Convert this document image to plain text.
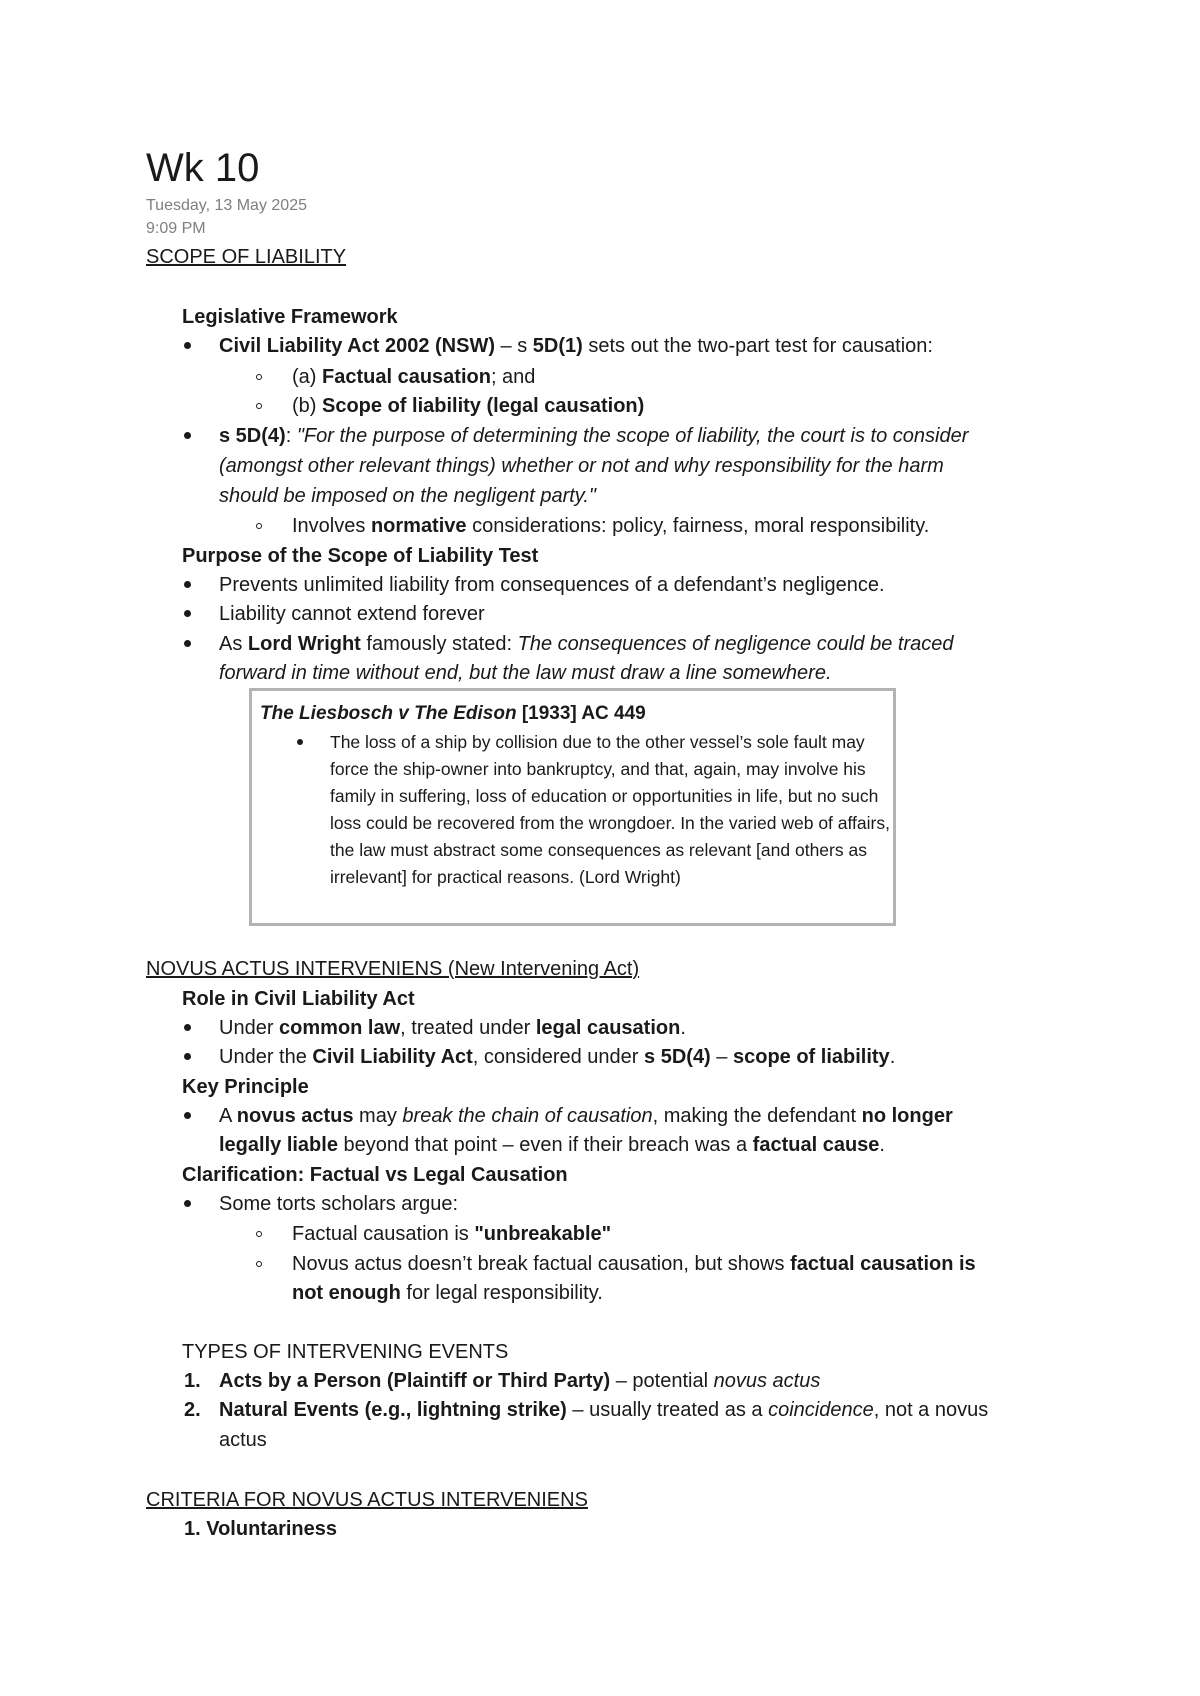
Wk 10
Tuesday, 13 May 2025
9:09 PM
SCOPE OF LIABILITY
Legislative Framework
Civil Liability Act 2002 (NSW) – s 5D(1) sets out the two-part test for causation:
(a) Factual causation; and
(b) Scope of liability (legal causation)
s 5D(4): "For the purpose of determining the scope of liability, the court is to consider
(amongst other relevant things) whether or not and why responsibility for the harm
should be imposed on the negligent party."
Involves normative considerations: policy, fairness, moral responsibility.
Purpose of the Scope of Liability Test
Prevents unlimited liability from consequences of a defendant’s negligence.
Liability cannot extend forever
As Lord Wright famously stated: The consequences of negligence could be traced
forward in time without end, but the law must draw a line somewhere.
The Liesbosch v The Edison [1933] AC 449
The loss of a ship by collision due to the other vessel’s sole fault may force the ship-owner into bankruptcy, and that, again, may involve his family in suffering, loss of education or opportunities in life, but no such loss could be recovered from the wrongdoer. In the varied web of affairs, the law must abstract some consequences as relevant [and others as irrelevant] for practical reasons. (Lord Wright)
NOVUS ACTUS INTERVENIENS (New Intervening Act)
Role in Civil Liability Act
Under common law, treated under legal causation.
Under the Civil Liability Act, considered under s 5D(4) – scope of liability.
Key Principle
A novus actus may break the chain of causation, making the defendant no longer
legally liable beyond that point – even if their breach was a factual cause.
Clarification: Factual vs Legal Causation
Some torts scholars argue:
Factual causation is "unbreakable"
Novus actus doesn’t break factual causation, but shows factual causation is
not enough for legal responsibility.
TYPES OF INTERVENING EVENTS
1. Acts by a Person (Plaintiff or Third Party) – potential novus actus
2. Natural Events (e.g., lightning strike) – usually treated as a coincidence, not a novus
actus
CRITERIA FOR NOVUS ACTUS INTERVENIENS
1. Voluntariness
